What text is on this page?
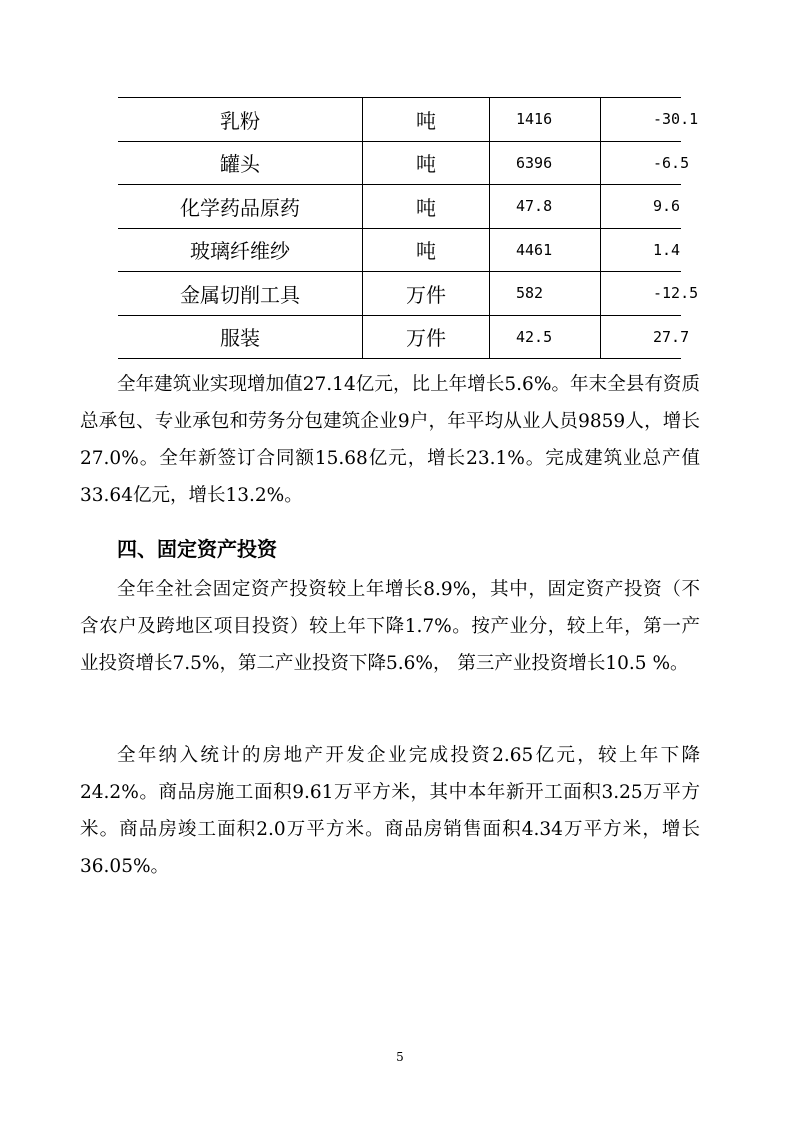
乳粉	吨	1416	-30.1
罐头	吨	6396	-6.5
化学药品原药	吨	47.8	9.6
玻璃纤维纱	吨	4461	1.4
金属切削工具	万件	582	-12.5
服装	万件	42.5	27.7

全年建筑业实现增加值27.14亿元，比上年增长5.6%。年末全县有资质总承包、专业承包和劳务分包建筑企业9户，年平均从业人员9859人，增长27.0%。全年新签订合同额15.68亿元，增长23.1%。完成建筑业总产值33.64亿元，增长13.2%。

四、固定资产投资

全年全社会固定资产投资较上年增长8.9%，其中，固定资产投资（不含农户及跨地区项目投资）较上年下降1.7%。按产业分，较上年，第一产业投资增长7.5%，第二产业投资下降5.6%， 第三产业投资增长10.5 %。

全年纳入统计的房地产开发企业完成投资2.65亿元，较上年下降24.2%。商品房施工面积9.61万平方米，其中本年新开工面积3.25万平方米。商品房竣工面积2.0万平方米。商品房销售面积4.34万平方米，增长36.05%。

5
